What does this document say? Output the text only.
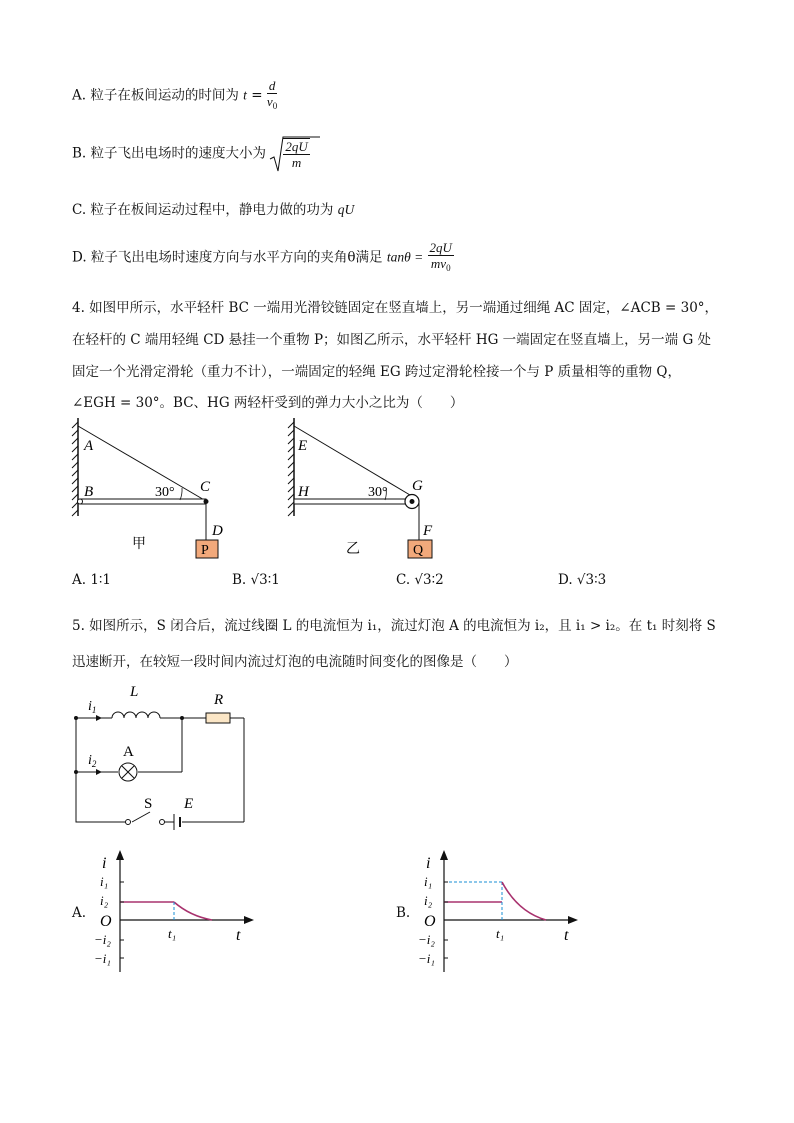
A. 粒子在板间运动的时间为 $t = \frac{d}{v_0}$
B. 粒子飞出电场时的速度大小为 $\frac{2qU}{m}$
C. 粒子在板间运动过程中，静电力做的功为 qU
D. 粒子飞出电场时速度方向与水平方向的夹角θ满足 $\tan\theta = \frac{2qU}{mv_0}$
4. 如图甲所示，水平轻杆 BC 一端用光滑铰链固定在竖直墙上，另一端通过细绳 AC 固定，∠ACB = 30°，
在轻杆的 C 端用轻绳 CD 悬挂一个重物 P；如图乙所示，水平轻杆 HG 一端固定在竖直墙上，另一端 G 处
固定一个光滑定滑轮（重力不计），一端固定的轻绳 EG 跨过定滑轮栓接一个与 P 质量相等的重物 Q，
∠EGH = 30°。BC、HG 两轻杆受到的弹力大小之比为（　　）
A
B	C
D
30°
P
甲
E
H	G
F
30°
Q
乙
A. 1∶1	B. √3∶1	C. √3∶2	D. √3∶3
5. 如图所示，S 闭合后，流过线圈 L 的电流恒为 i₁，流过灯泡 A 的电流恒为 i₂，且 i₁ > i₂。在 t₁ 时刻将 S
迅速断开，在较短一段时间内流过灯泡的电流随时间变化的图像是（　　）
$i_1$
$i_2$
L	R
A
S E
A.
i
t
O
i₁
i₂
−i₂
−i₁
t₁
B.
i
t
O
i₁
i₂
−i₂
−i₁
t₁
